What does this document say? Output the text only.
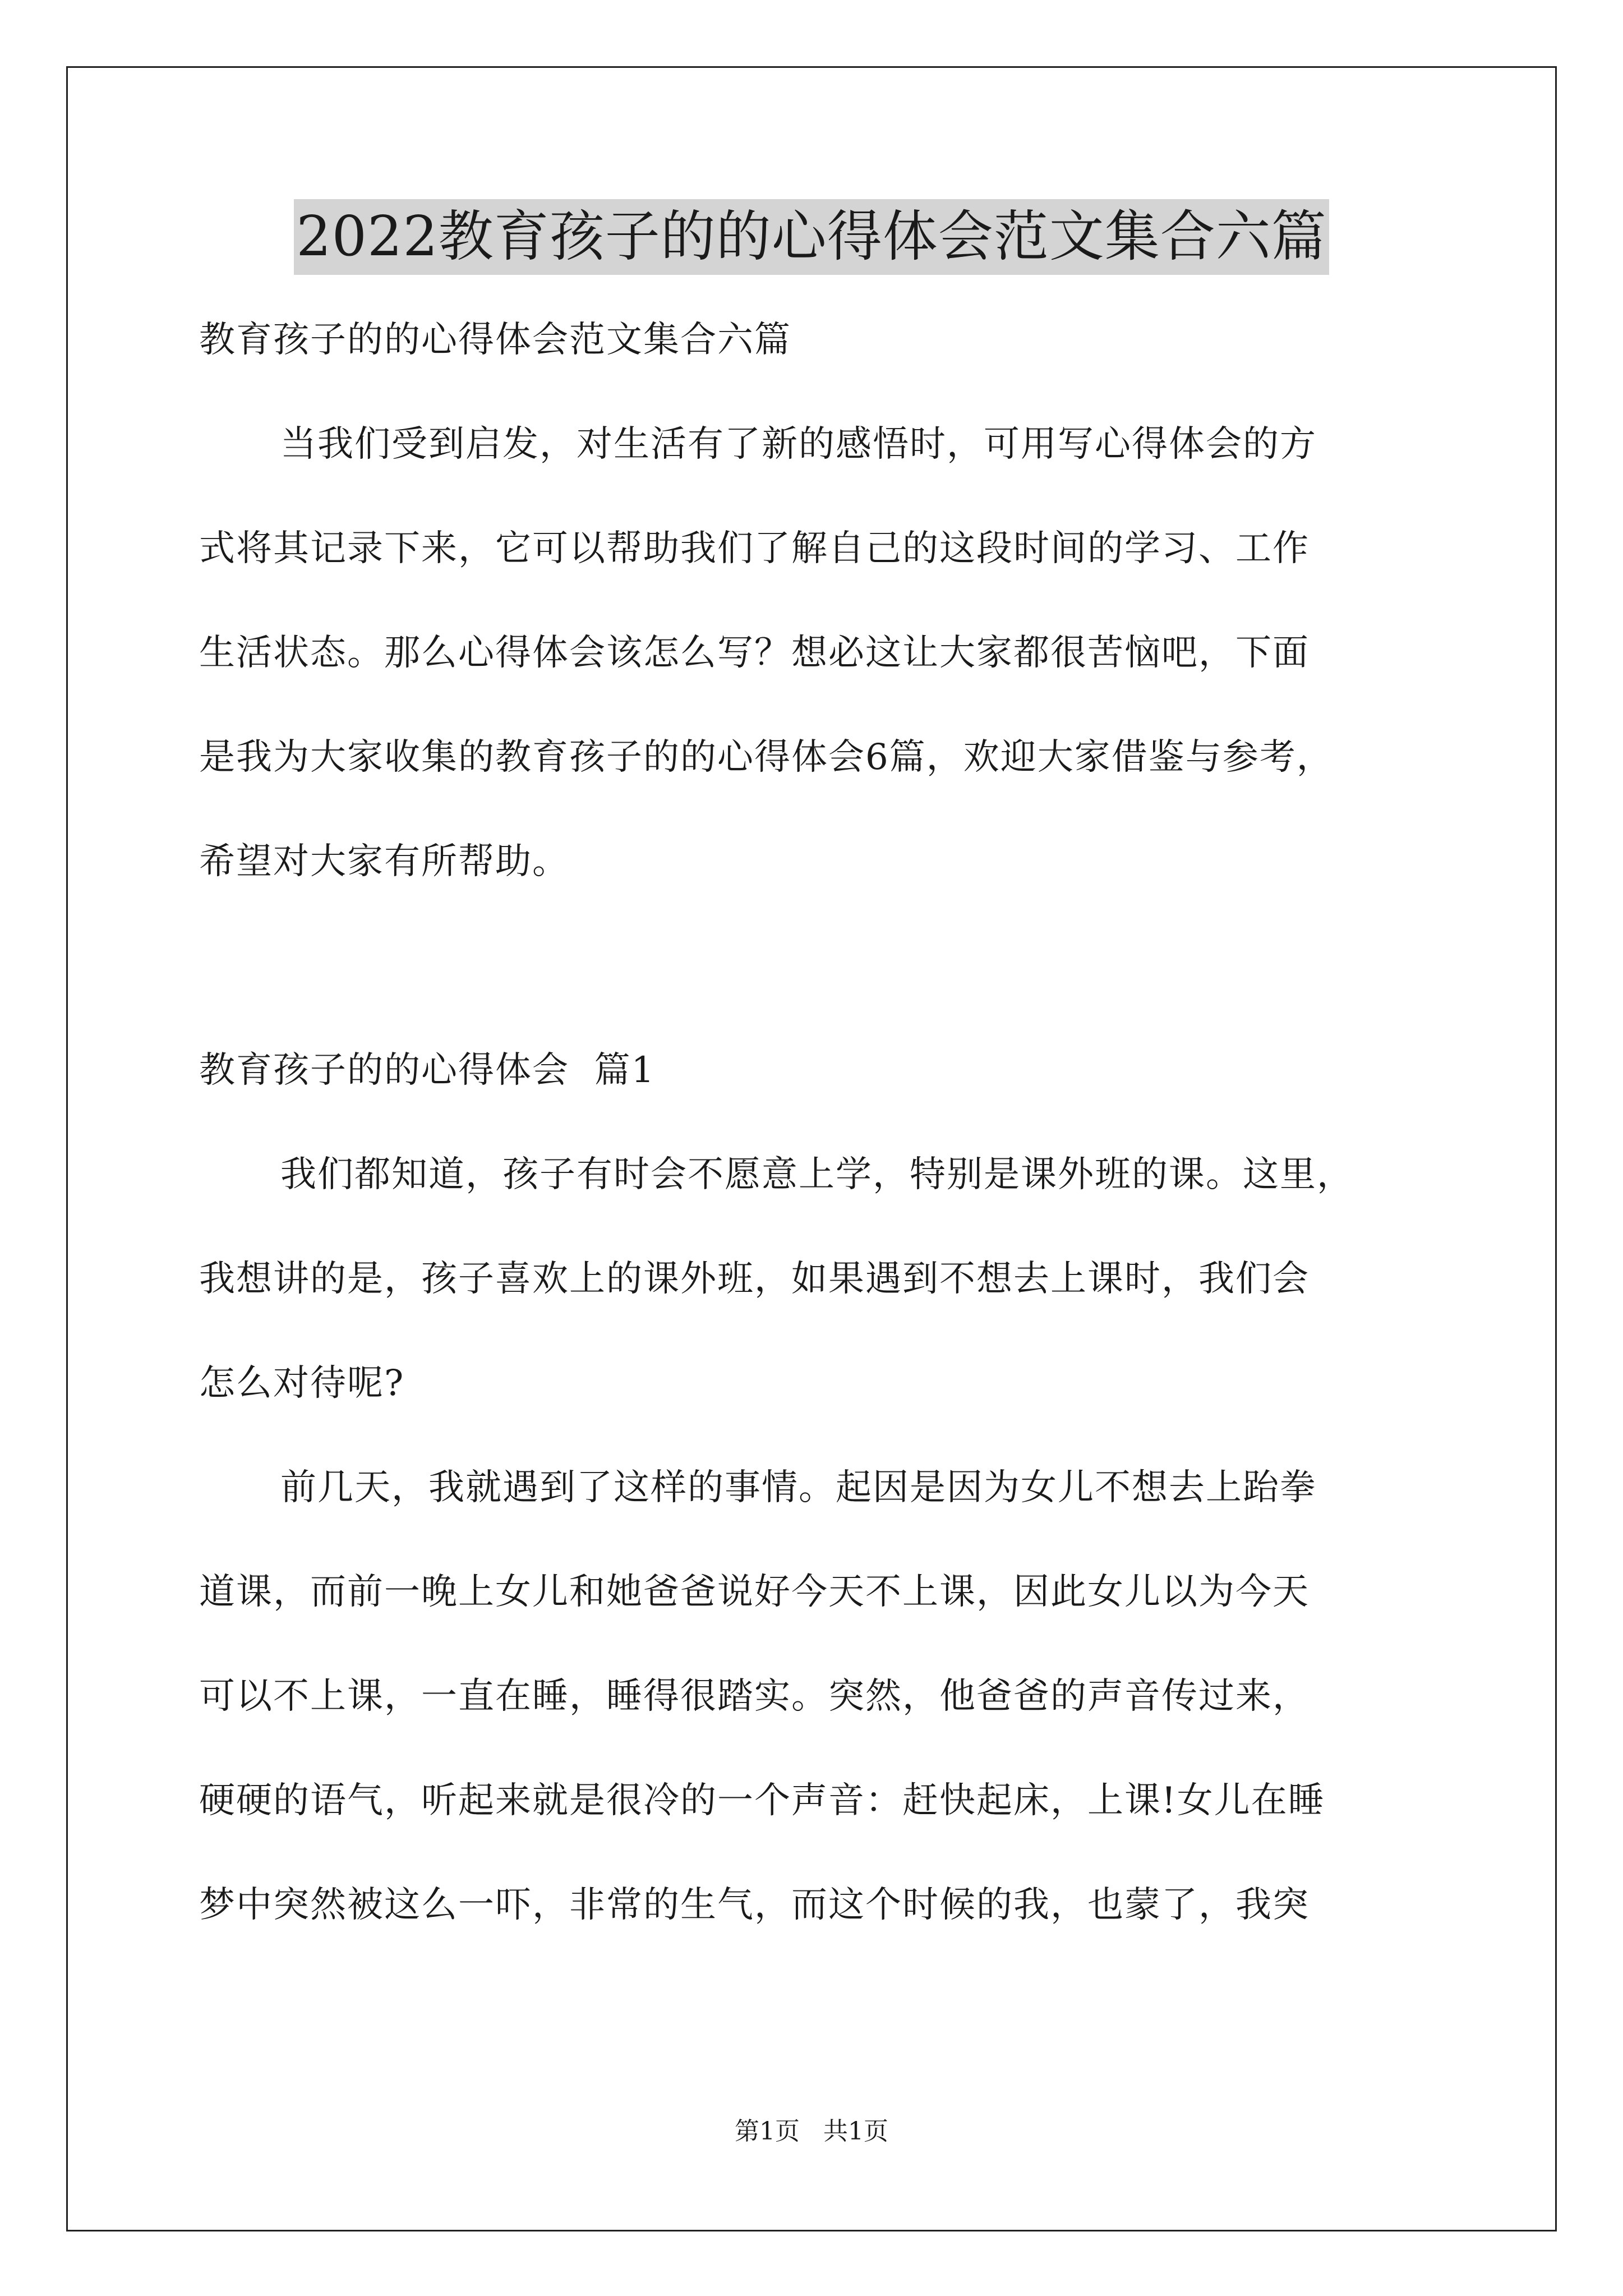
2022教育孩子的的心得体会范文集合六篇
教育孩子的的心得体会范文集合六篇
当我们受到启发，对生活有了新的感悟时，可用写心得体会的方
式将其记录下来，它可以帮助我们了解自己的这段时间的学习、工作
生活状态。那么心得体会该怎么写？想必这让大家都很苦恼吧，下面
是我为大家收集的教育孩子的的心得体会6篇，欢迎大家借鉴与参考，
希望对大家有所帮助。
教育孩子的的心得体会  篇1
我们都知道，孩子有时会不愿意上学，特别是课外班的课。这里，
我想讲的是，孩子喜欢上的课外班，如果遇到不想去上课时，我们会
怎么对待呢?
前几天，我就遇到了这样的事情。起因是因为女儿不想去上跆拳
道课，而前一晚上女儿和她爸爸说好今天不上课，因此女儿以为今天
可以不上课，一直在睡，睡得很踏实。突然，他爸爸的声音传过来，
硬硬的语气，听起来就是很冷的一个声音：赶快起床，上课!女儿在睡
梦中突然被这么一吓，非常的生气，而这个时候的我，也蒙了，我突
第1页   共1页
